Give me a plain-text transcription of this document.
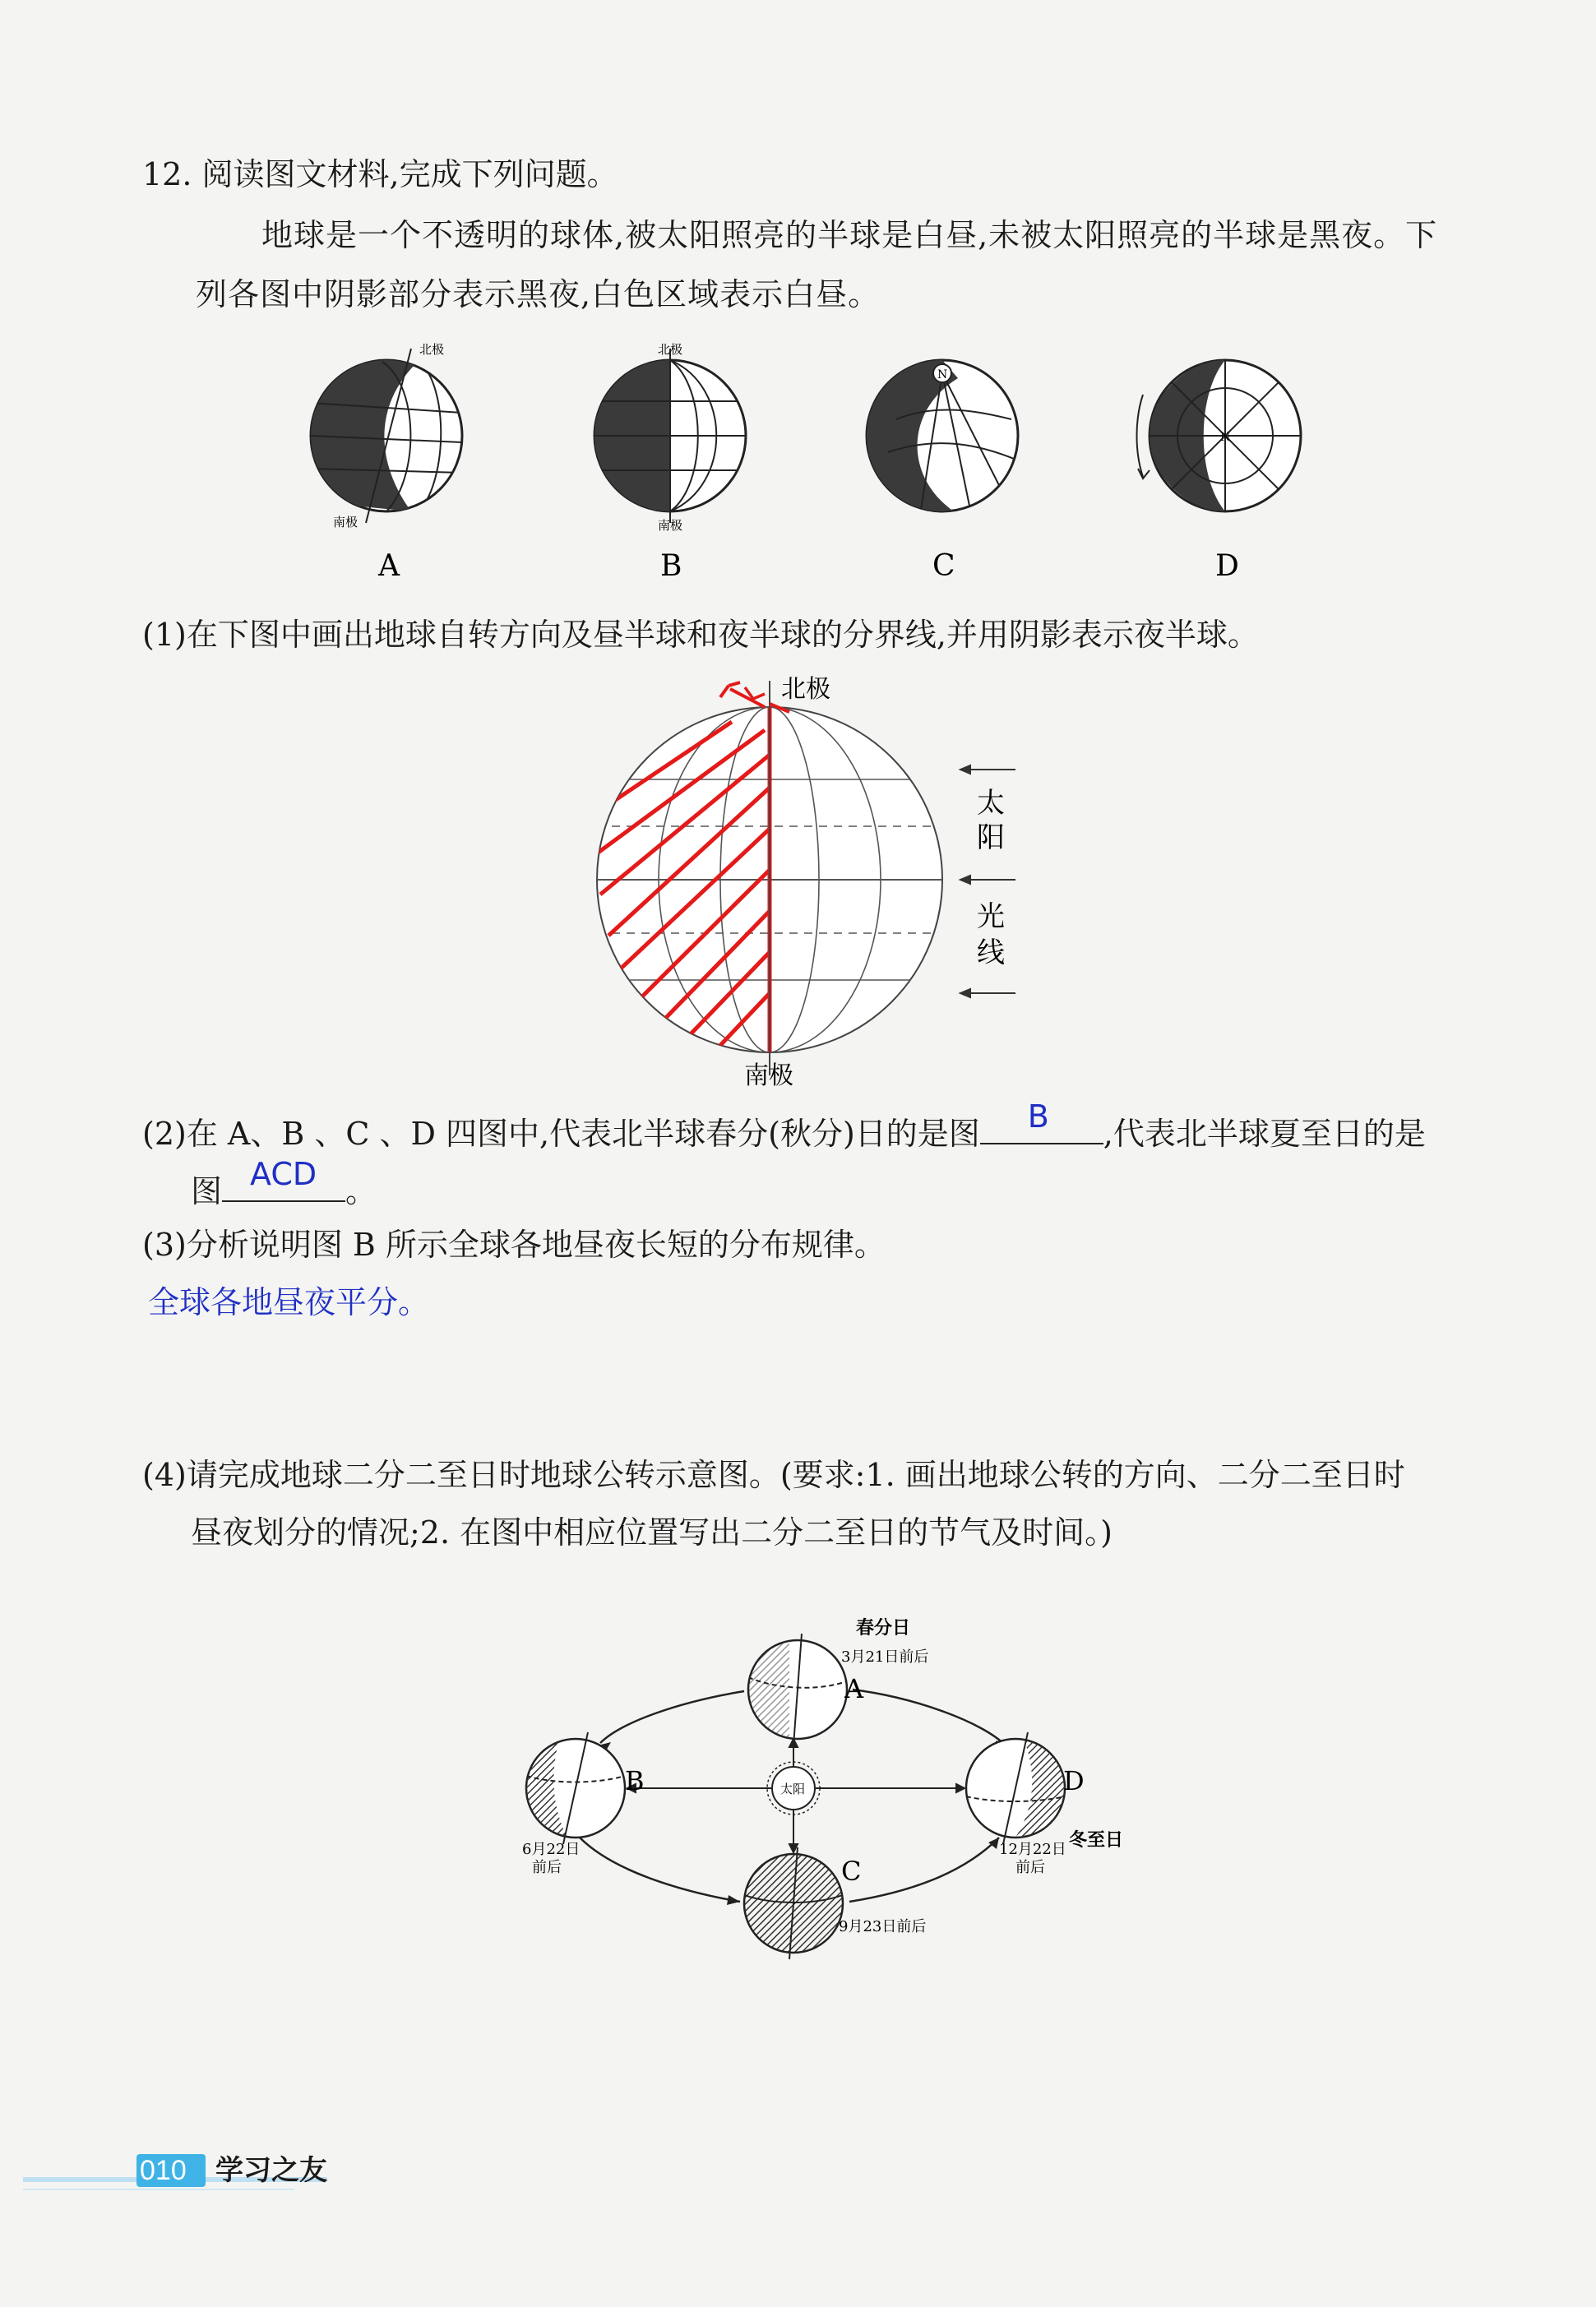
12. 阅读图文材料,完成下列问题。
地球是一个不透明的球体,被太阳照亮的半球是白昼,未被太阳照亮的半球是黑夜。下
列各图中阴影部分表示黑夜,白色区域表示白昼。
北极
南极
北极
南极
N
N
A	B	C	D
(1)在下图中画出地球自转方向及昼半球和夜半球的分界线,并用阴影表示夜半球。
北极
南极
太
阳
光
线
(2)在 A、B 、C 、D 四图中,代表北半球春分(秋分)日的是图 B ,代表北半球夏至日的是
图 ACD 。
(3)分析说明图 B 所示全球各地昼夜长短的分布规律。
全球各地昼夜平分。
(4)请完成地球二分二至日时地球公转示意图。(要求:1. 画出地球公转的方向、二分二至日时
昼夜划分的情况;2. 在图中相应位置写出二分二至日的节气及时间。)
太阳
A
B
C
D
春分日
3月21日前后
冬至日
12月22日
前后
6月22日
前后
9月23日前后
010 学习之友
